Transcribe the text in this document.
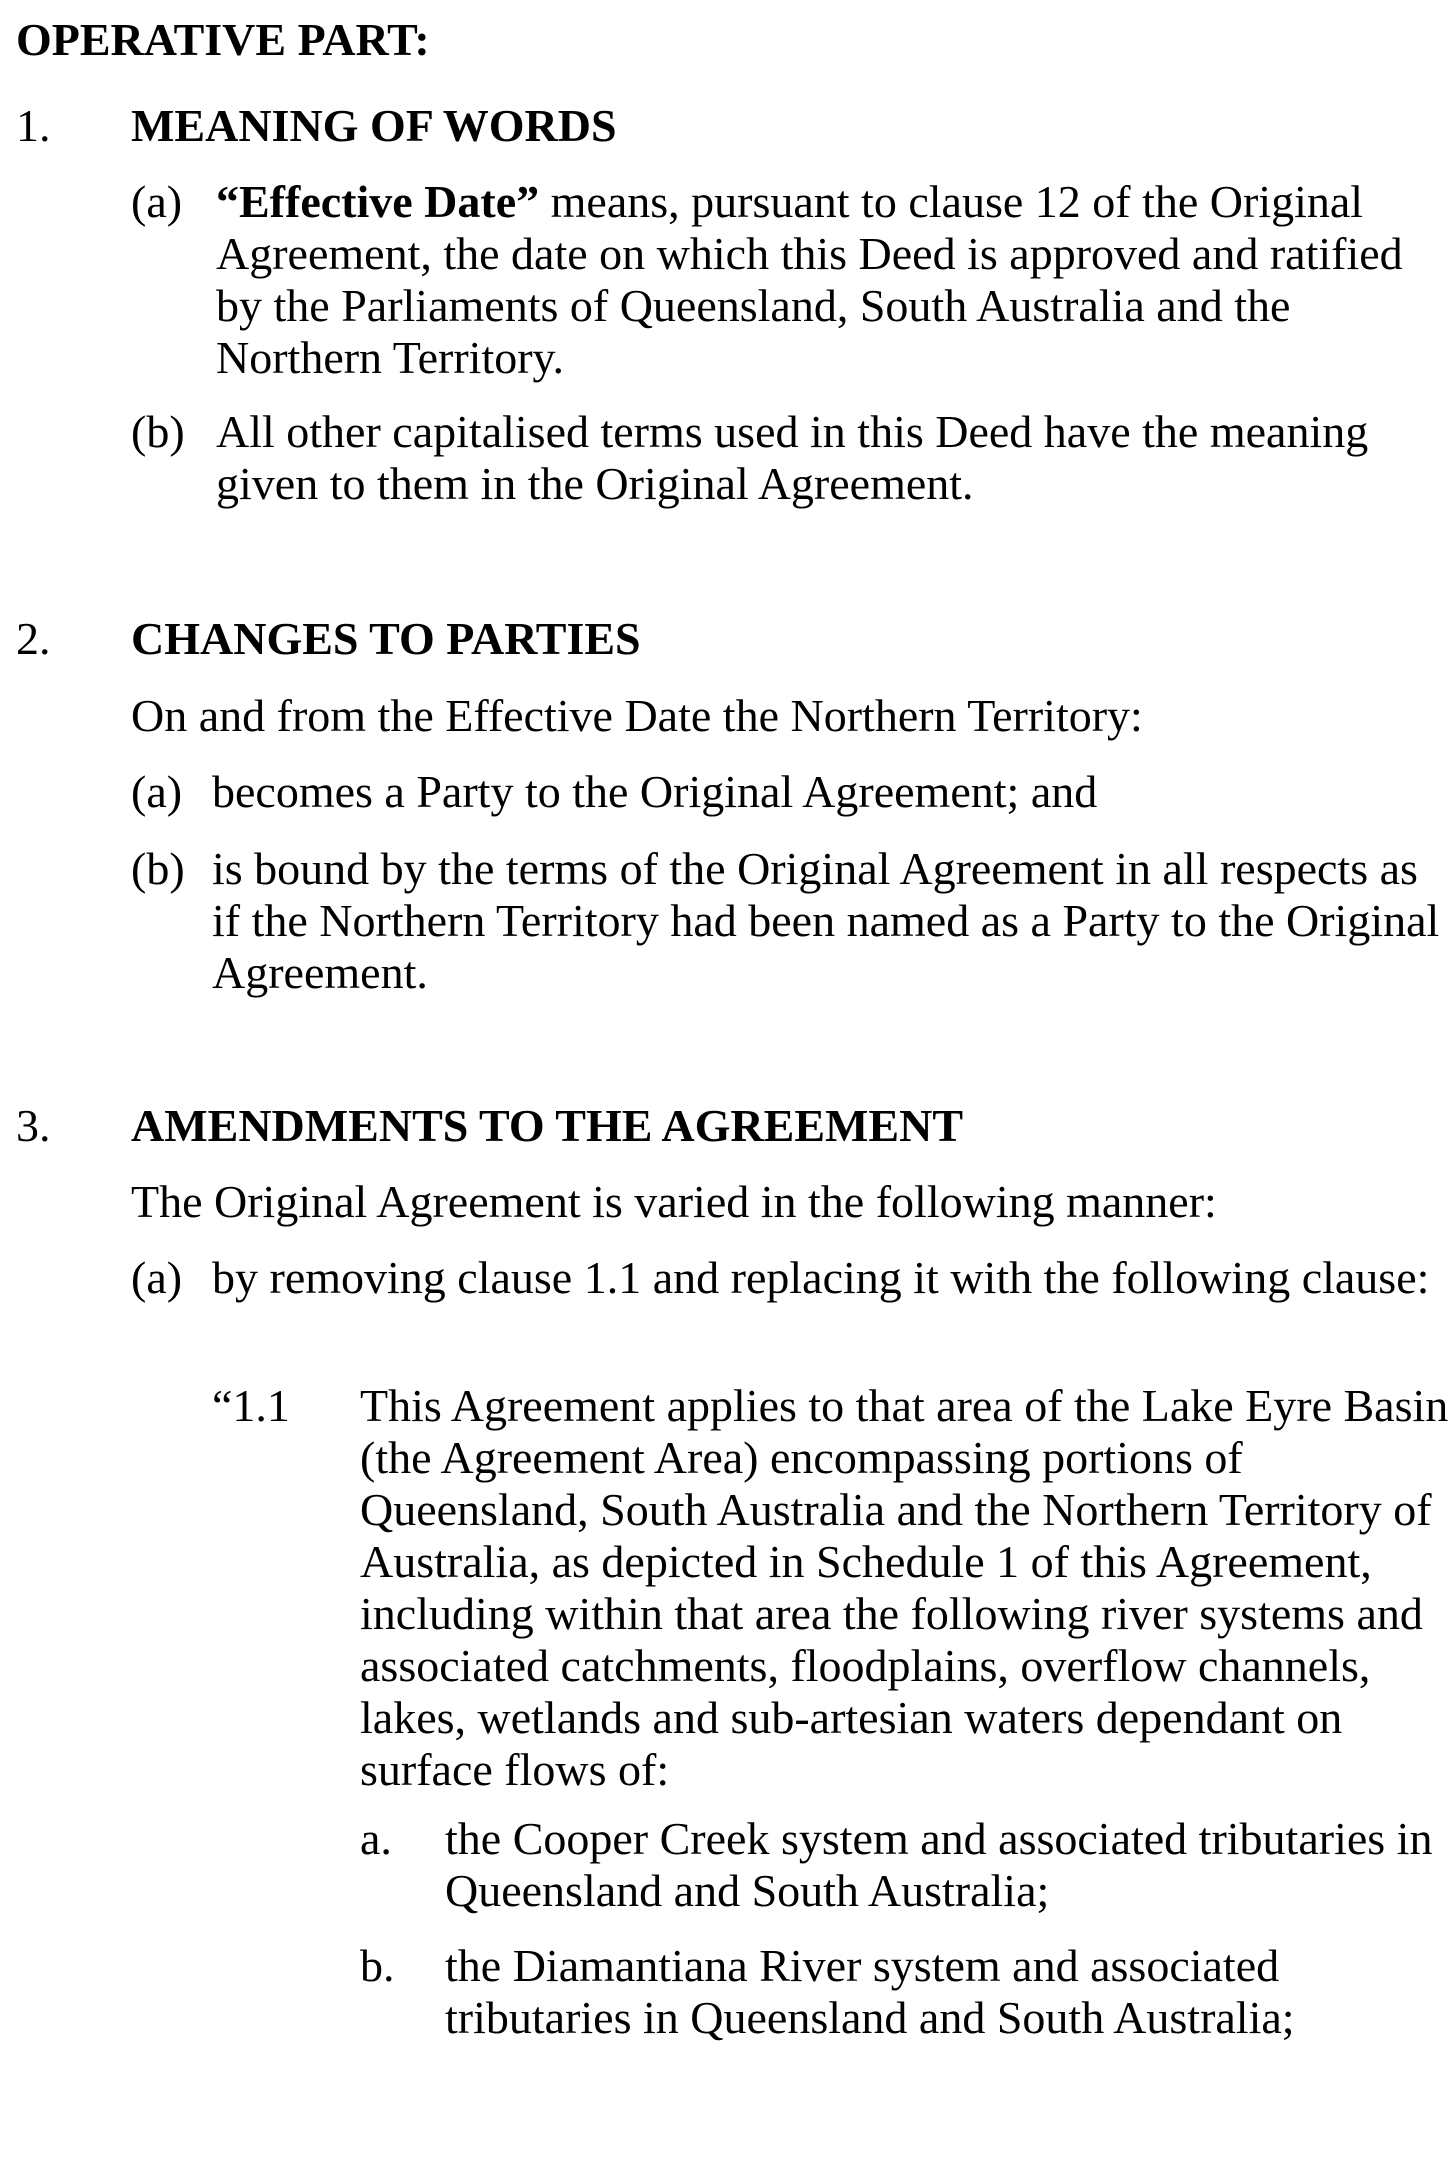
OPERATIVE PART:
1. MEANING OF WORDS
(a) “Effective Date” means, pursuant to clause 12 of the Original Agreement, the date on which this Deed is approved and ratified by the Parliaments of Queensland, South Australia and the Northern Territory.
(b) All other capitalised terms used in this Deed have the meaning given to them in the Original Agreement.
2. CHANGES TO PARTIES
On and from the Effective Date the Northern Territory:
(a) becomes a Party to the Original Agreement; and
(b) is bound by the terms of the Original Agreement in all respects as if the Northern Territory had been named as a Party to the Original Agreement.
3. AMENDMENTS TO THE AGREEMENT
The Original Agreement is varied in the following manner:
(a) by removing clause 1.1 and replacing it with the following clause:
“1.1 This Agreement applies to that area of the Lake Eyre Basin (the Agreement Area) encompassing portions of Queensland, South Australia and the Northern Territory of Australia, as depicted in Schedule 1 of this Agreement, including within that area the following river systems and associated catchments, floodplains, overflow channels, lakes, wetlands and sub-artesian waters dependant on surface flows of:
a. the Cooper Creek system and associated tributaries in Queensland and South Australia;
b. the Diamantiana River system and associated tributaries in Queensland and South Australia;
